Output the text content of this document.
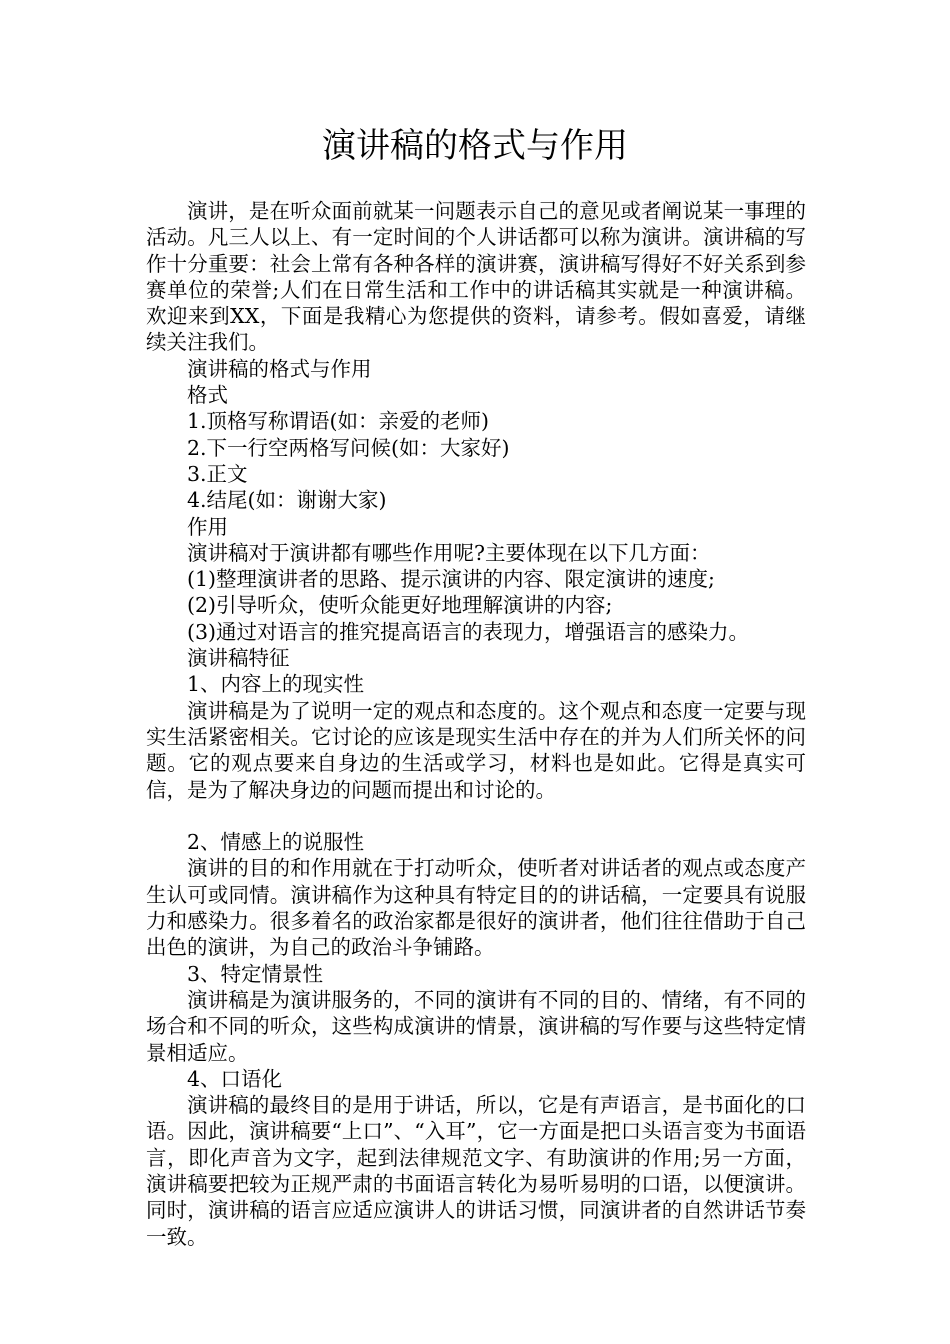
演讲稿的格式与作用

演讲，是在听众面前就某一问题表示自己的意见或者阐说某一事理的活动。凡三人以上、有一定时间的个人讲话都可以称为演讲。演讲稿的写作十分重要：社会上常有各种各样的演讲赛，演讲稿写得好不好关系到参赛单位的荣誉;人们在日常生活和工作中的讲话稿其实就是一种演讲稿。欢迎来到XX，下面是我精心为您提供的资料，请参考。假如喜爱，请继续关注我们。

演讲稿的格式与作用

格式

1.顶格写称谓语(如：亲爱的老师)

2.下一行空两格写问候(如：大家好)

3.正文

4.结尾(如：谢谢大家)

作用

演讲稿对于演讲都有哪些作用呢?主要体现在以下几方面：

(1)整理演讲者的思路、提示演讲的内容、限定演讲的速度;

(2)引导听众，使听众能更好地理解演讲的内容;

(3)通过对语言的推究提高语言的表现力，增强语言的感染力。

演讲稿特征

1、内容上的现实性

演讲稿是为了说明一定的观点和态度的。这个观点和态度一定要与现实生活紧密相关。它讨论的应该是现实生活中存在的并为人们所关怀的问题。它的观点要来自身边的生活或学习，材料也是如此。它得是真实可信，是为了解决身边的问题而提出和讨论的。

2、情感上的说服性

演讲的目的和作用就在于打动听众，使听者对讲话者的观点或态度产生认可或同情。演讲稿作为这种具有特定目的的讲话稿，一定要具有说服力和感染力。很多着名的政治家都是很好的演讲者，他们往往借助于自己出色的演讲，为自己的政治斗争铺路。

3、特定情景性

演讲稿是为演讲服务的，不同的演讲有不同的目的、情绪，有不同的场合和不同的听众，这些构成演讲的情景，演讲稿的写作要与这些特定情景相适应。

4、口语化

演讲稿的最终目的是用于讲话，所以，它是有声语言，是书面化的口语。因此，演讲稿要“上口”、“入耳”，它一方面是把口头语言变为书面语言，即化声音为文字，起到法律规范文字、有助演讲的作用;另一方面，演讲稿要把较为正规严肃的书面语言转化为易听易明的口语，以便演讲。同时，演讲稿的语言应适应演讲人的讲话习惯，同演讲者的自然讲话节奏一致。
